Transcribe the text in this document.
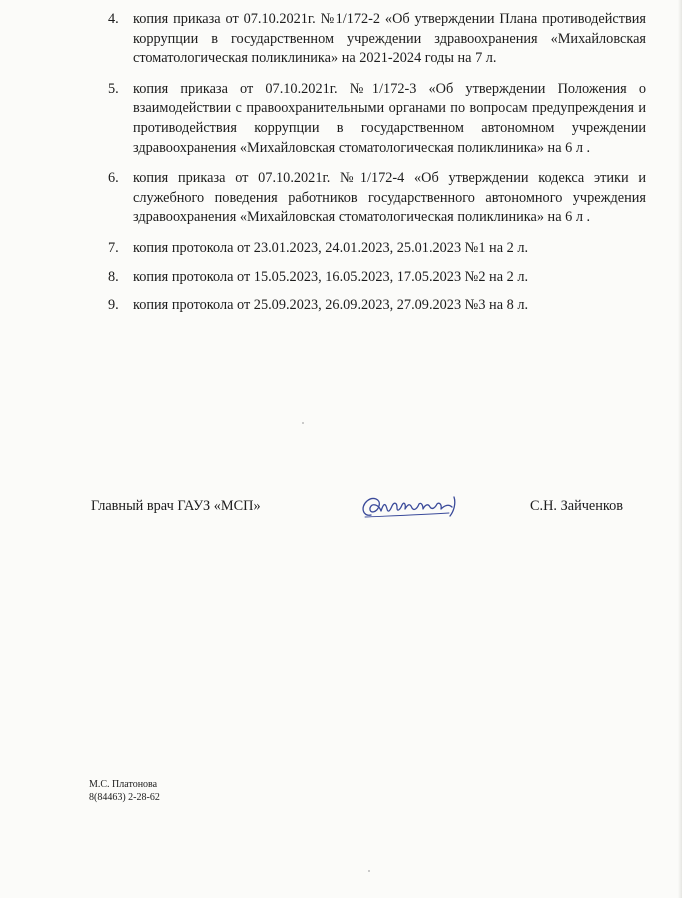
4. копия приказа от 07.10.2021г. №1/172-2 «Об утверждении Плана противодействия коррупции в государственном учреждении здравоохранения «Михайловская стоматологическая поликлиника» на 2021-2024 годы на 7 л.
5. копия приказа от 07.10.2021г. №1/172-3 «Об утверждении Положения о взаимодействии с правоохранительными органами по вопросам предупреждения и противодействия коррупции в государственном автономном учреждении здравоохранения «Михайловская стоматологическая поликлиника» на 6 л .
6. копия приказа от 07.10.2021г. №1/172-4 «Об утверждении кодекса этики и служебного поведения работников государственного автономного учреждения здравоохранения «Михайловская стоматологическая поликлиника» на 6 л .
7. копия протокола от 23.01.2023, 24.01.2023, 25.01.2023 №1 на 2 л.
8. копия протокола от 15.05.2023, 16.05.2023, 17.05.2023 №2 на 2 л.
9. копия протокола от 25.09.2023, 26.09.2023, 27.09.2023 №3 на 8 л.
Главный врач ГАУЗ «МСП»	С.Н. Зайченков
М.С. Платонова
8(84463) 2-28-62
